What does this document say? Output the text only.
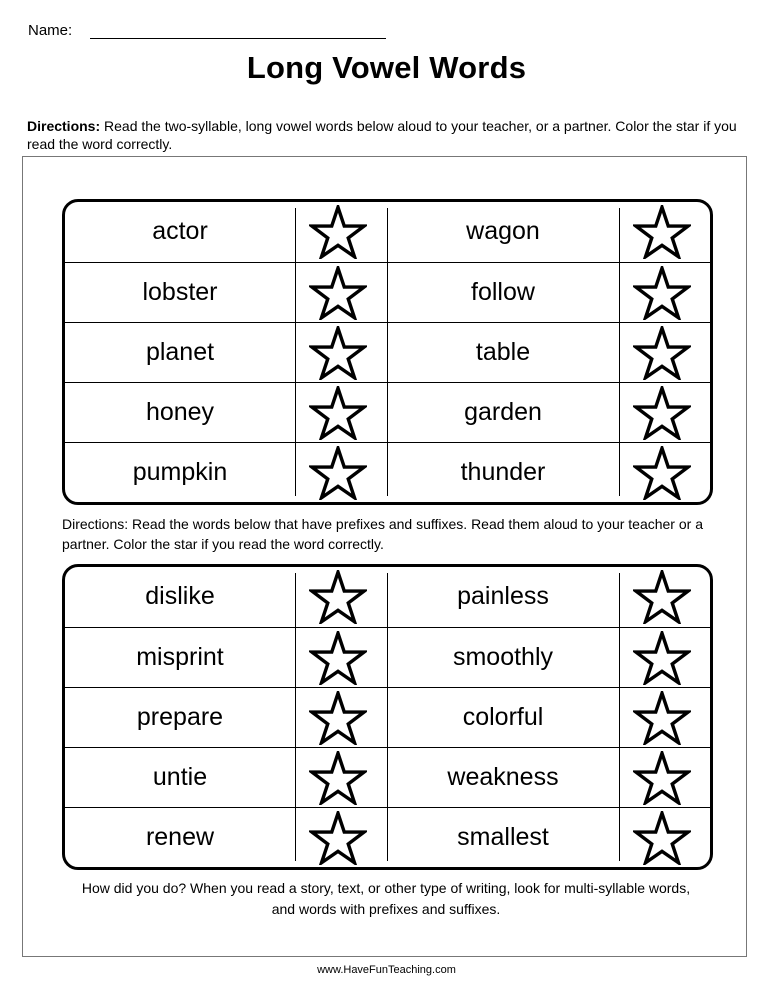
Name:
Long Vowel Words
Directions: Read the two-syllable, long vowel words below aloud to your teacher, or a partner. Color the star if you read the word correctly.
actor	wagon
lobster	follow
planet	table
honey	garden
pumpkin	thunder
Directions: Read the words below that have prefixes and suffixes. Read them aloud to your teacher or a partner. Color the star if you read the word correctly.
dislike	painless
misprint	smoothly
prepare	colorful
untie	weakness
renew	smallest
How did you do? When you read a story, text, or other type of writing, look for multi-syllable words, and words with prefixes and suffixes.
www.HaveFunTeaching.com
